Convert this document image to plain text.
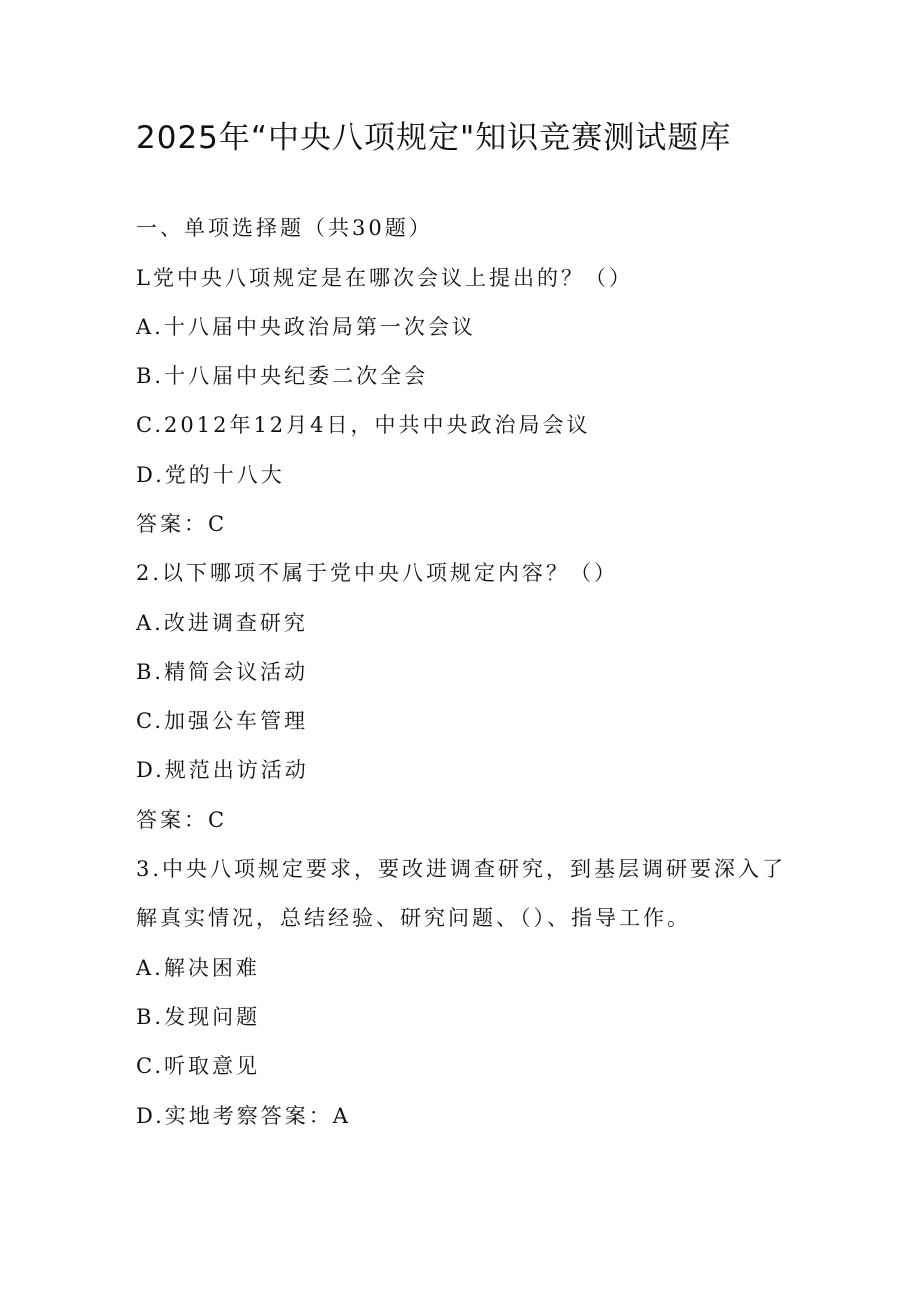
2025年“中央八项规定"知识竞赛测试题库
一、单项选择题（共30题）
L党中央八项规定是在哪次会议上提出的？（）
A.十八届中央政治局第一次会议
B.十八届中央纪委二次全会
C.2012年12月4日，中共中央政治局会议
D.党的十八大
答案：C
2.以下哪项不属于党中央八项规定内容？（）
A.改进调查研究
B.精简会议活动
C.加强公车管理
D.规范出访活动
答案：C
3.中央八项规定要求，要改进调查研究，到基层调研要深入了
解真实情况，总结经验、研究问题、（）、指导工作。
A.解决困难
B.发现问题
C.听取意见
D.实地考察答案：A
